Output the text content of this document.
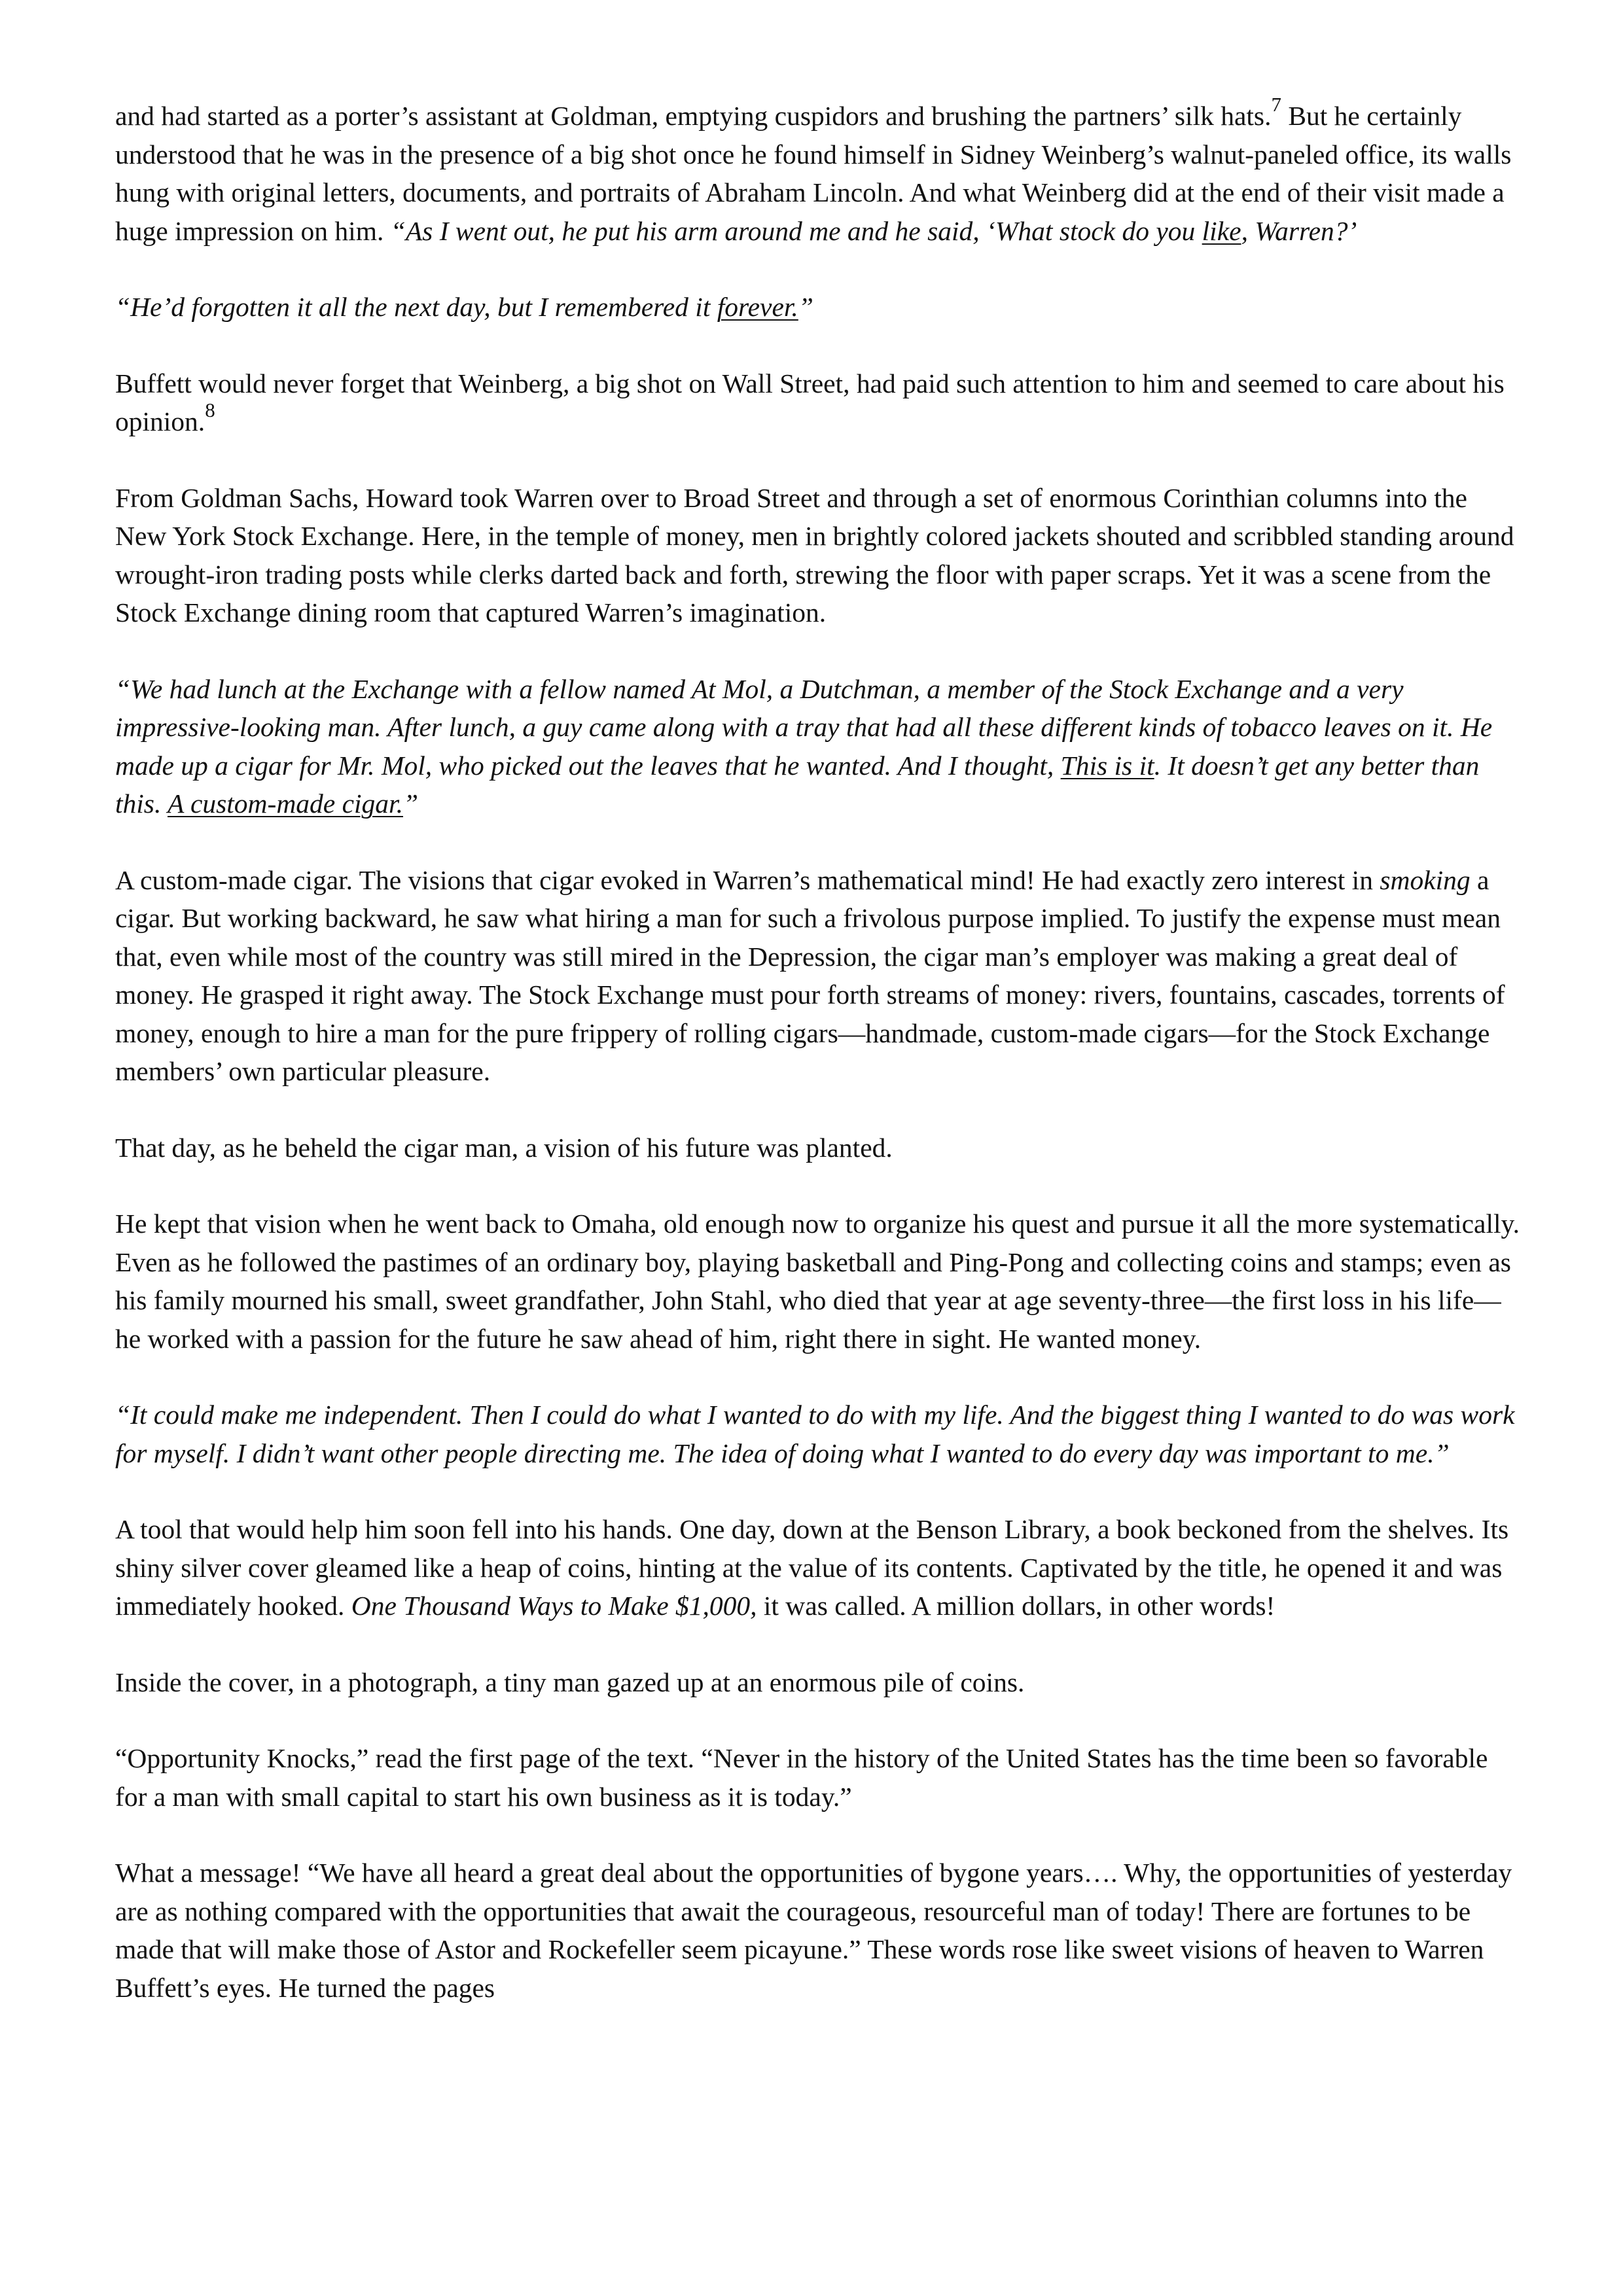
and had started as a porter’s assistant at Goldman, emptying cuspidors and brushing the partners’ silk hats.$^7$ But he certainly understood that he was in the presence of a big shot once he found himself in Sidney Weinberg’s walnut-paneled office, its walls hung with original letters, documents, and portraits of Abraham Lincoln. And what Weinberg did at the end of their visit made a huge impression on him. “As I went out, he put his arm around me and he said, ‘What stock do you like, Warren?’

“He’d forgotten it all the next day, but I remembered it forever.”

Buffett would never forget that Weinberg, a big shot on Wall Street, had paid such attention to him and seemed to care about his opinion.$^8$

From Goldman Sachs, Howard took Warren over to Broad Street and through a set of enormous Corinthian columns into the New York Stock Exchange. Here, in the temple of money, men in brightly colored jackets shouted and scribbled standing around wrought-iron trading posts while clerks darted back and forth, strewing the floor with paper scraps. Yet it was a scene from the Stock Exchange dining room that captured Warren’s imagination.

“We had lunch at the Exchange with a fellow named At Mol, a Dutchman, a member of the Stock Exchange and a very impressive-looking man. After lunch, a guy came along with a tray that had all these different kinds of tobacco leaves on it. He made up a cigar for Mr. Mol, who picked out the leaves that he wanted. And I thought, This is it. It doesn’t get any better than this. A custom-made cigar.”

A custom-made cigar. The visions that cigar evoked in Warren’s mathematical mind! He had exactly zero interest in smoking a cigar. But working backward, he saw what hiring a man for such a frivolous purpose implied. To justify the expense must mean that, even while most of the country was still mired in the Depression, the cigar man’s employer was making a great deal of money. He grasped it right away. The Stock Exchange must pour forth streams of money: rivers, fountains, cascades, torrents of money, enough to hire a man for the pure frippery of rolling cigars—handmade, custom-made cigars—for the Stock Exchange members’ own particular pleasure.

That day, as he beheld the cigar man, a vision of his future was planted.

He kept that vision when he went back to Omaha, old enough now to organize his quest and pursue it all the more systematically. Even as he followed the pastimes of an ordinary boy, playing basketball and Ping-Pong and collecting coins and stamps; even as his family mourned his small, sweet grandfather, John Stahl, who died that year at age seventy-three—the first loss in his life—he worked with a passion for the future he saw ahead of him, right there in sight. He wanted money.

“It could make me independent. Then I could do what I wanted to do with my life. And the biggest thing I wanted to do was work for myself. I didn’t want other people directing me. The idea of doing what I wanted to do every day was important to me.”

A tool that would help him soon fell into his hands. One day, down at the Benson Library, a book beckoned from the shelves. Its shiny silver cover gleamed like a heap of coins, hinting at the value of its contents. Captivated by the title, he opened it and was immediately hooked. One Thousand Ways to Make $1,000, it was called. A million dollars, in other words!

Inside the cover, in a photograph, a tiny man gazed up at an enormous pile of coins.

“Opportunity Knocks,” read the first page of the text. “Never in the history of the United States has the time been so favorable for a man with small capital to start his own business as it is today.”

What a message! “We have all heard a great deal about the opportunities of bygone years…. Why, the opportunities of yesterday are as nothing compared with the opportunities that await the courageous, resourceful man of today! There are fortunes to be made that will make those of Astor and Rockefeller seem picayune.” These words rose like sweet visions of heaven to Warren Buffett’s eyes. He turned the pages
